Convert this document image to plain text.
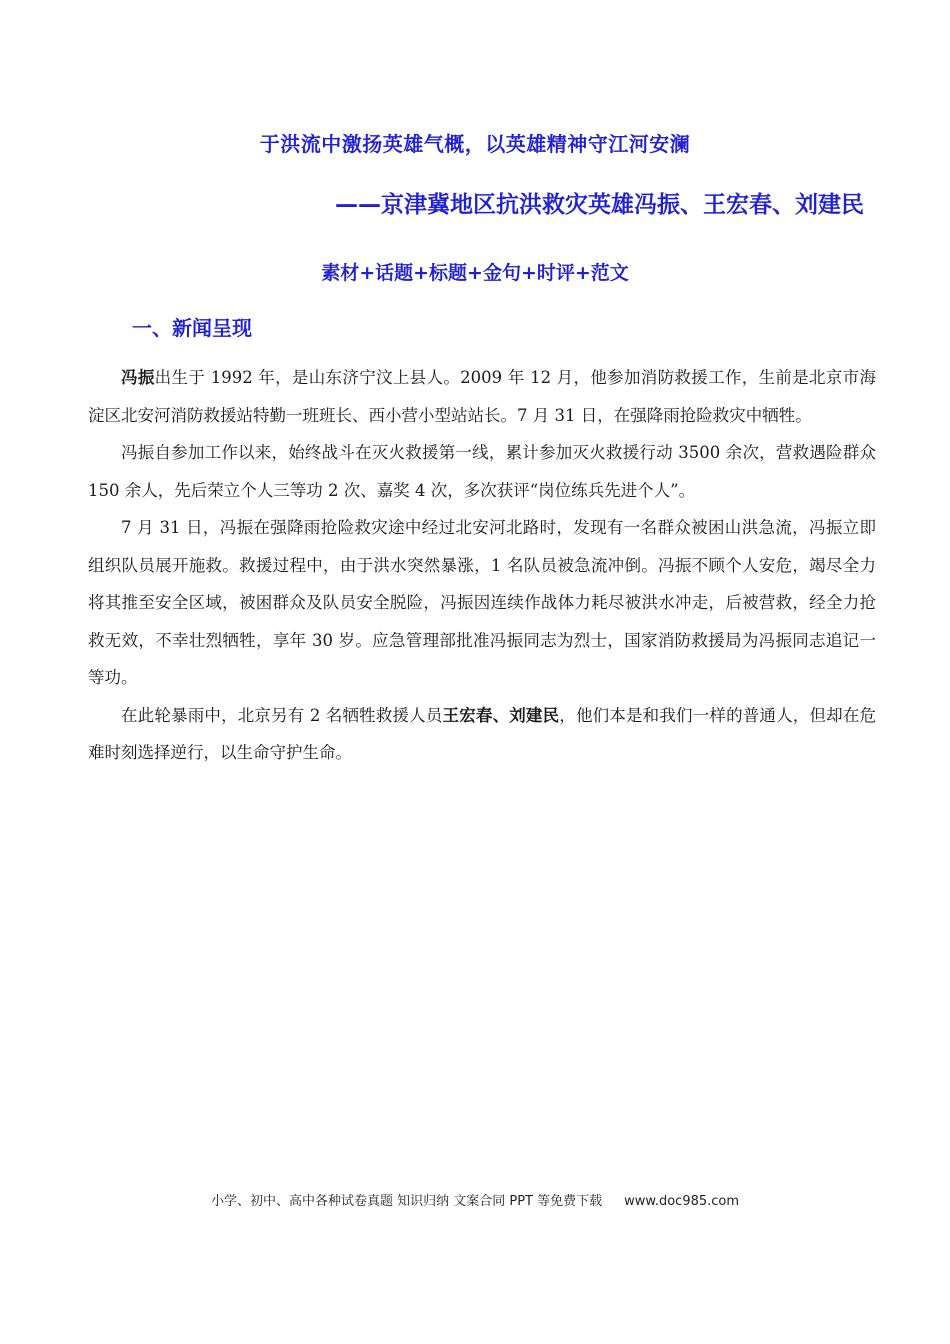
于洪流中激扬英雄气概，以英雄精神守江河安澜
——京津冀地区抗洪救灾英雄冯振、王宏春、刘建民
素材+话题+标题+金句+时评+范文
一、新闻呈现

冯振出生于 1992 年，是山东济宁汶上县人。2009 年 12 月，他参加消防救援工作，生前是北京市海淀区北安河消防救援站特勤一班班长、西小营小型站站长。7 月 31 日，在强降雨抢险救灾中牺牲。

冯振自参加工作以来，始终战斗在灭火救援第一线，累计参加灭火救援行动 3500 余次，营救遇险群众 150 余人，先后荣立个人三等功 2 次、嘉奖 4 次，多次获评“岗位练兵先进个人”。

7 月 31 日，冯振在强降雨抢险救灾途中经过北安河北路时，发现有一名群众被困山洪急流，冯振立即组织队员展开施救。救援过程中，由于洪水突然暴涨，1 名队员被急流冲倒。冯振不顾个人安危，竭尽全力将其推至安全区域，被困群众及队员安全脱险，冯振因连续作战体力耗尽被洪水冲走，后被营救，经全力抢救无效，不幸壮烈牺牲，享年 30 岁。应急管理部批准冯振同志为烈士，国家消防救援局为冯振同志追记一等功。

在此轮暴雨中，北京另有 2 名牺牲救援人员王宏春、刘建民，他们本是和我们一样的普通人，但却在危难时刻选择逆行，以生命守护生命。

小学、初中、高中各种试卷真题 知识归纳 文案合同 PPT 等免费下载 www.doc985.com
